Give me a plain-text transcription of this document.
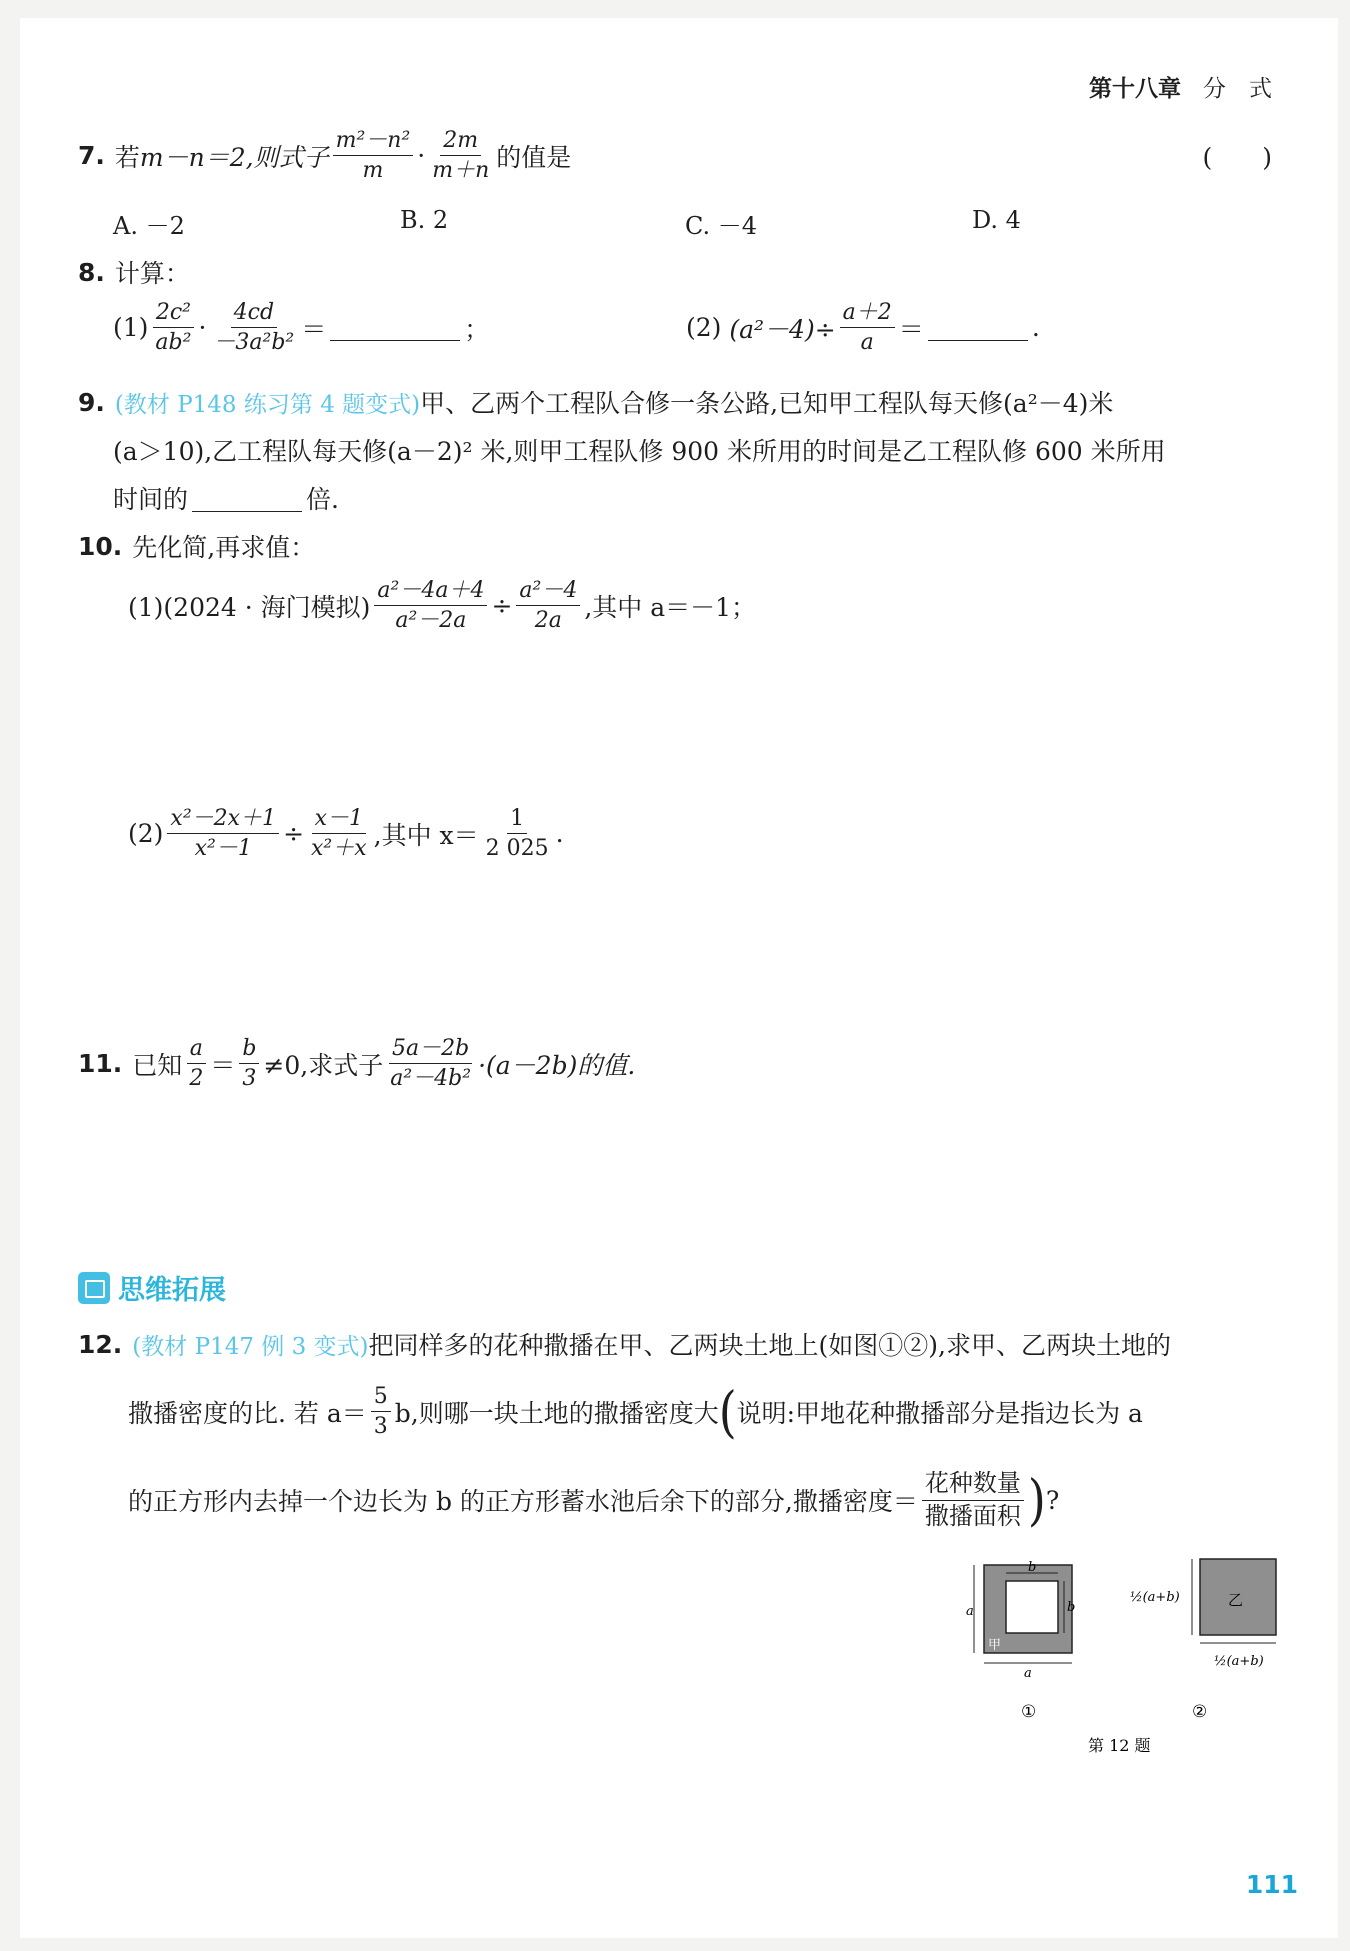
第十八章 分　式
7. 若 m－n＝2,则式子 $\frac{\text{m²－n²}}{m} \cdot \frac{2m}{m+n}$ 的值是	(　　)
A. －2	B. 2	C. －4	D. 4
8. 计算：
$(1) \frac{\text{2c²}}{\text{ab²}} \cdot \frac{4cd}{\text{－3a²b²}}$ ＝	；	(2)
$(a^2-4)\div \frac{a+2}{a}$ ＝	.
9. (教材 P148 练习第 4 题变式) 甲、乙两个工程队合修一条公路,已知甲工程队每天修(a²－4)米
(a＞10),乙工程队每天修(a－2)² 米,则甲工程队修 900 米所用的时间是乙工程队修 600 米所用
时间的	倍.
10. 先化简,再求值：
(1)(2024 · 海门模拟) $\frac{\text{a²－4a＋4}}{\text{a²－2a}} \div \frac{\text{a²－4}}{2a}$ ,其中 a＝－1；
$(2) \frac{\text{x²－2x＋1}}{\text{x²－1}} \div \frac{x-1}{\text{x²＋x}}$ ,其中 $x= \frac{1}{2 025}$ .
11. 已知 $\frac{a}{2} = \frac{b}{3} \ne 0$,求式子 $\frac{5a-2b}{\text{a²－4b²}} \cdot(a-2b)$的值.
思维拓展
12. (教材 P147 例 3 变式) 把同样多的花种撒播在甲、乙两块土地上(如图①②),求甲、乙两块土地的
撒播密度的比. 若 $a= \frac{5}{3} b$,则哪一块土地的撒播密度大 ( 说明:甲地花种撒播部分是指边长为 a
的正方形内去掉一个边长为 b 的正方形蓄水池后余下的部分,撒播密度＝ $\frac{\text{花种数量}}{\text{撒播面积}}$ ) ?
a
a
b
b
甲
①
½(a+b)
½(a+b)
乙
②
第 12 题
111
